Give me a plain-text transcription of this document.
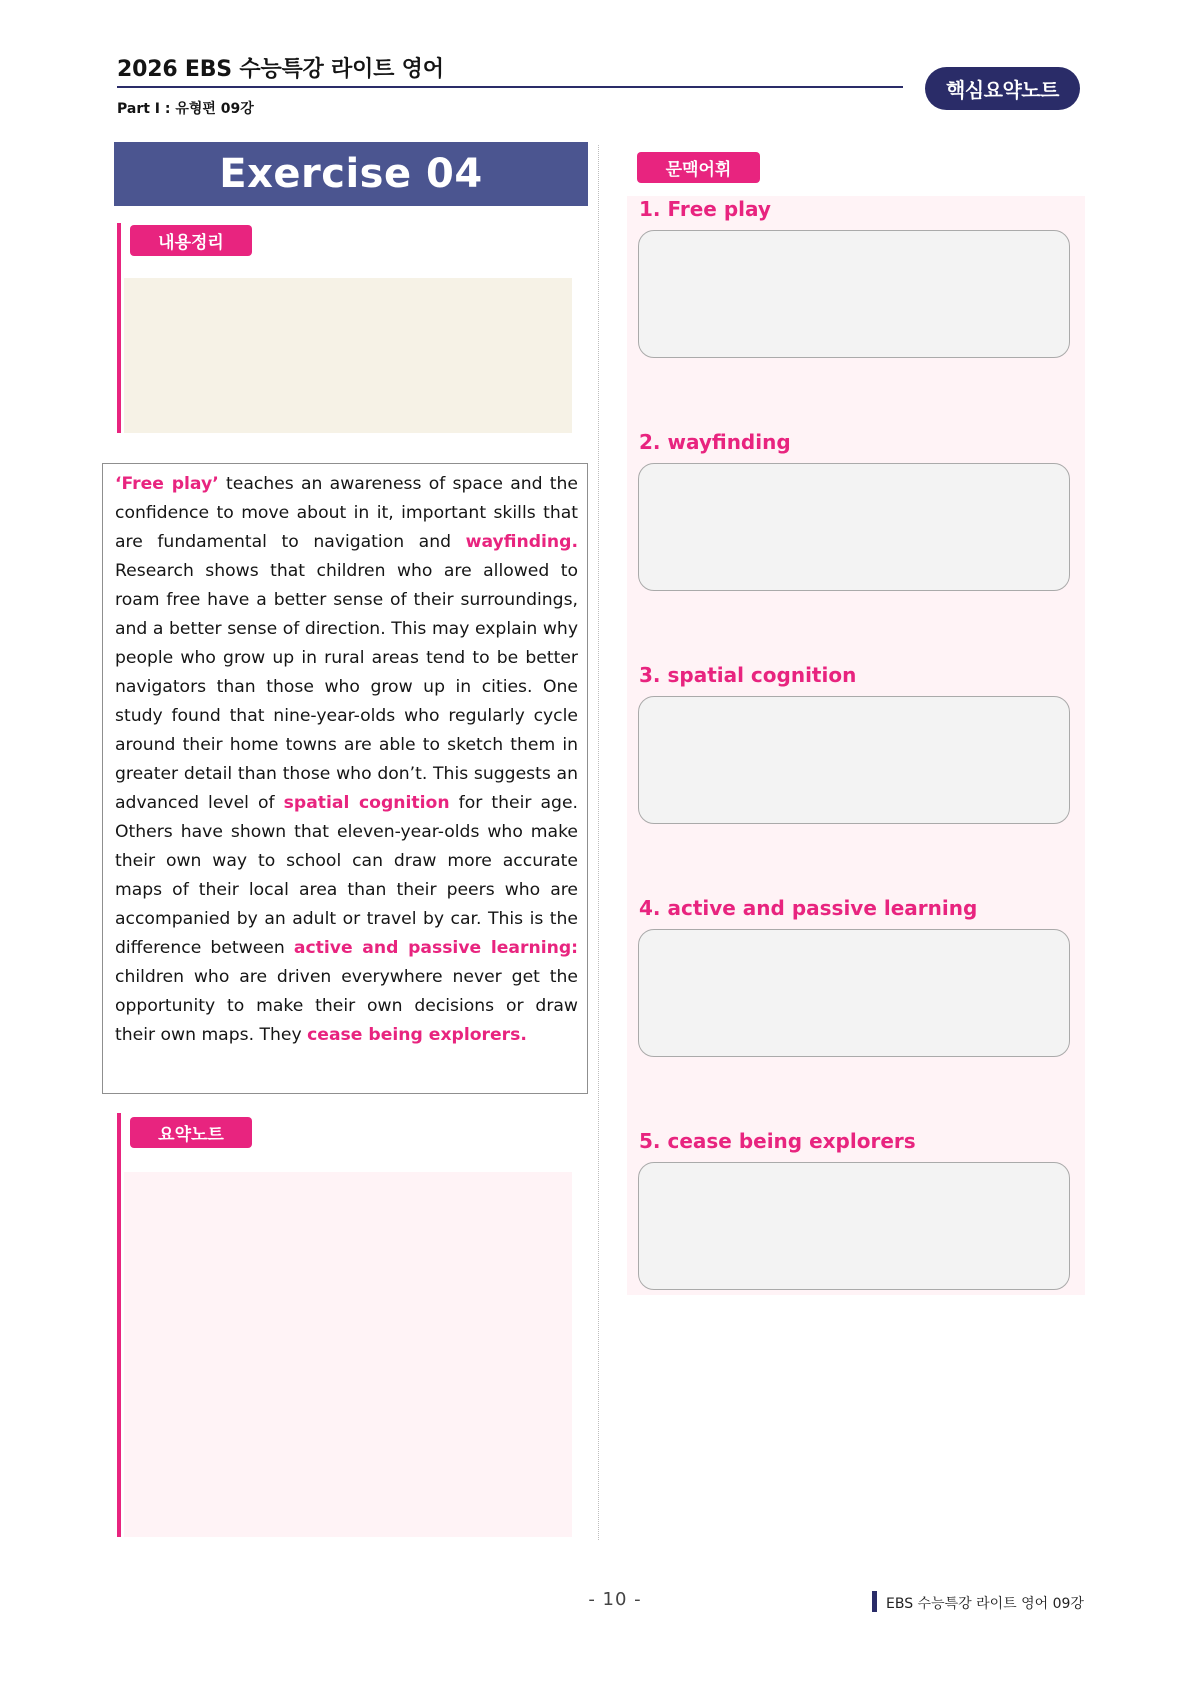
2026 EBS 수능특강 라이트 영어
Part Ⅰ : 유형편 09강
핵심요약노트
Exercise 04
내용정리
‘Free play’ teaches an awareness of space and the confidence to move about in it, important skills that are fundamental to navigation and wayfinding. Research shows that children who are allowed to roam free have a better sense of their surroundings, and a better sense of direction. This may explain why people who grow up in rural areas tend to be better navigators than those who grow up in cities. One study found that nine-year-olds who regularly cycle around their home towns are able to sketch them in greater detail than those who don’t. This suggests an advanced level of spatial cognition for their age. Others have shown that eleven-year-olds who make their own way to school can draw more accurate maps of their local area than their peers who are accompanied by an adult or travel by car. This is the difference between active and passive learning: children who are driven everywhere never get the opportunity to make their own decisions or draw their own maps. They cease being explorers.
요약노트
문맥어휘
1. Free play
2. wayfinding
3. spatial cognition
4. active and passive learning
5. cease being explorers
- 10 -	EBS 수능특강 라이트 영어 09강
